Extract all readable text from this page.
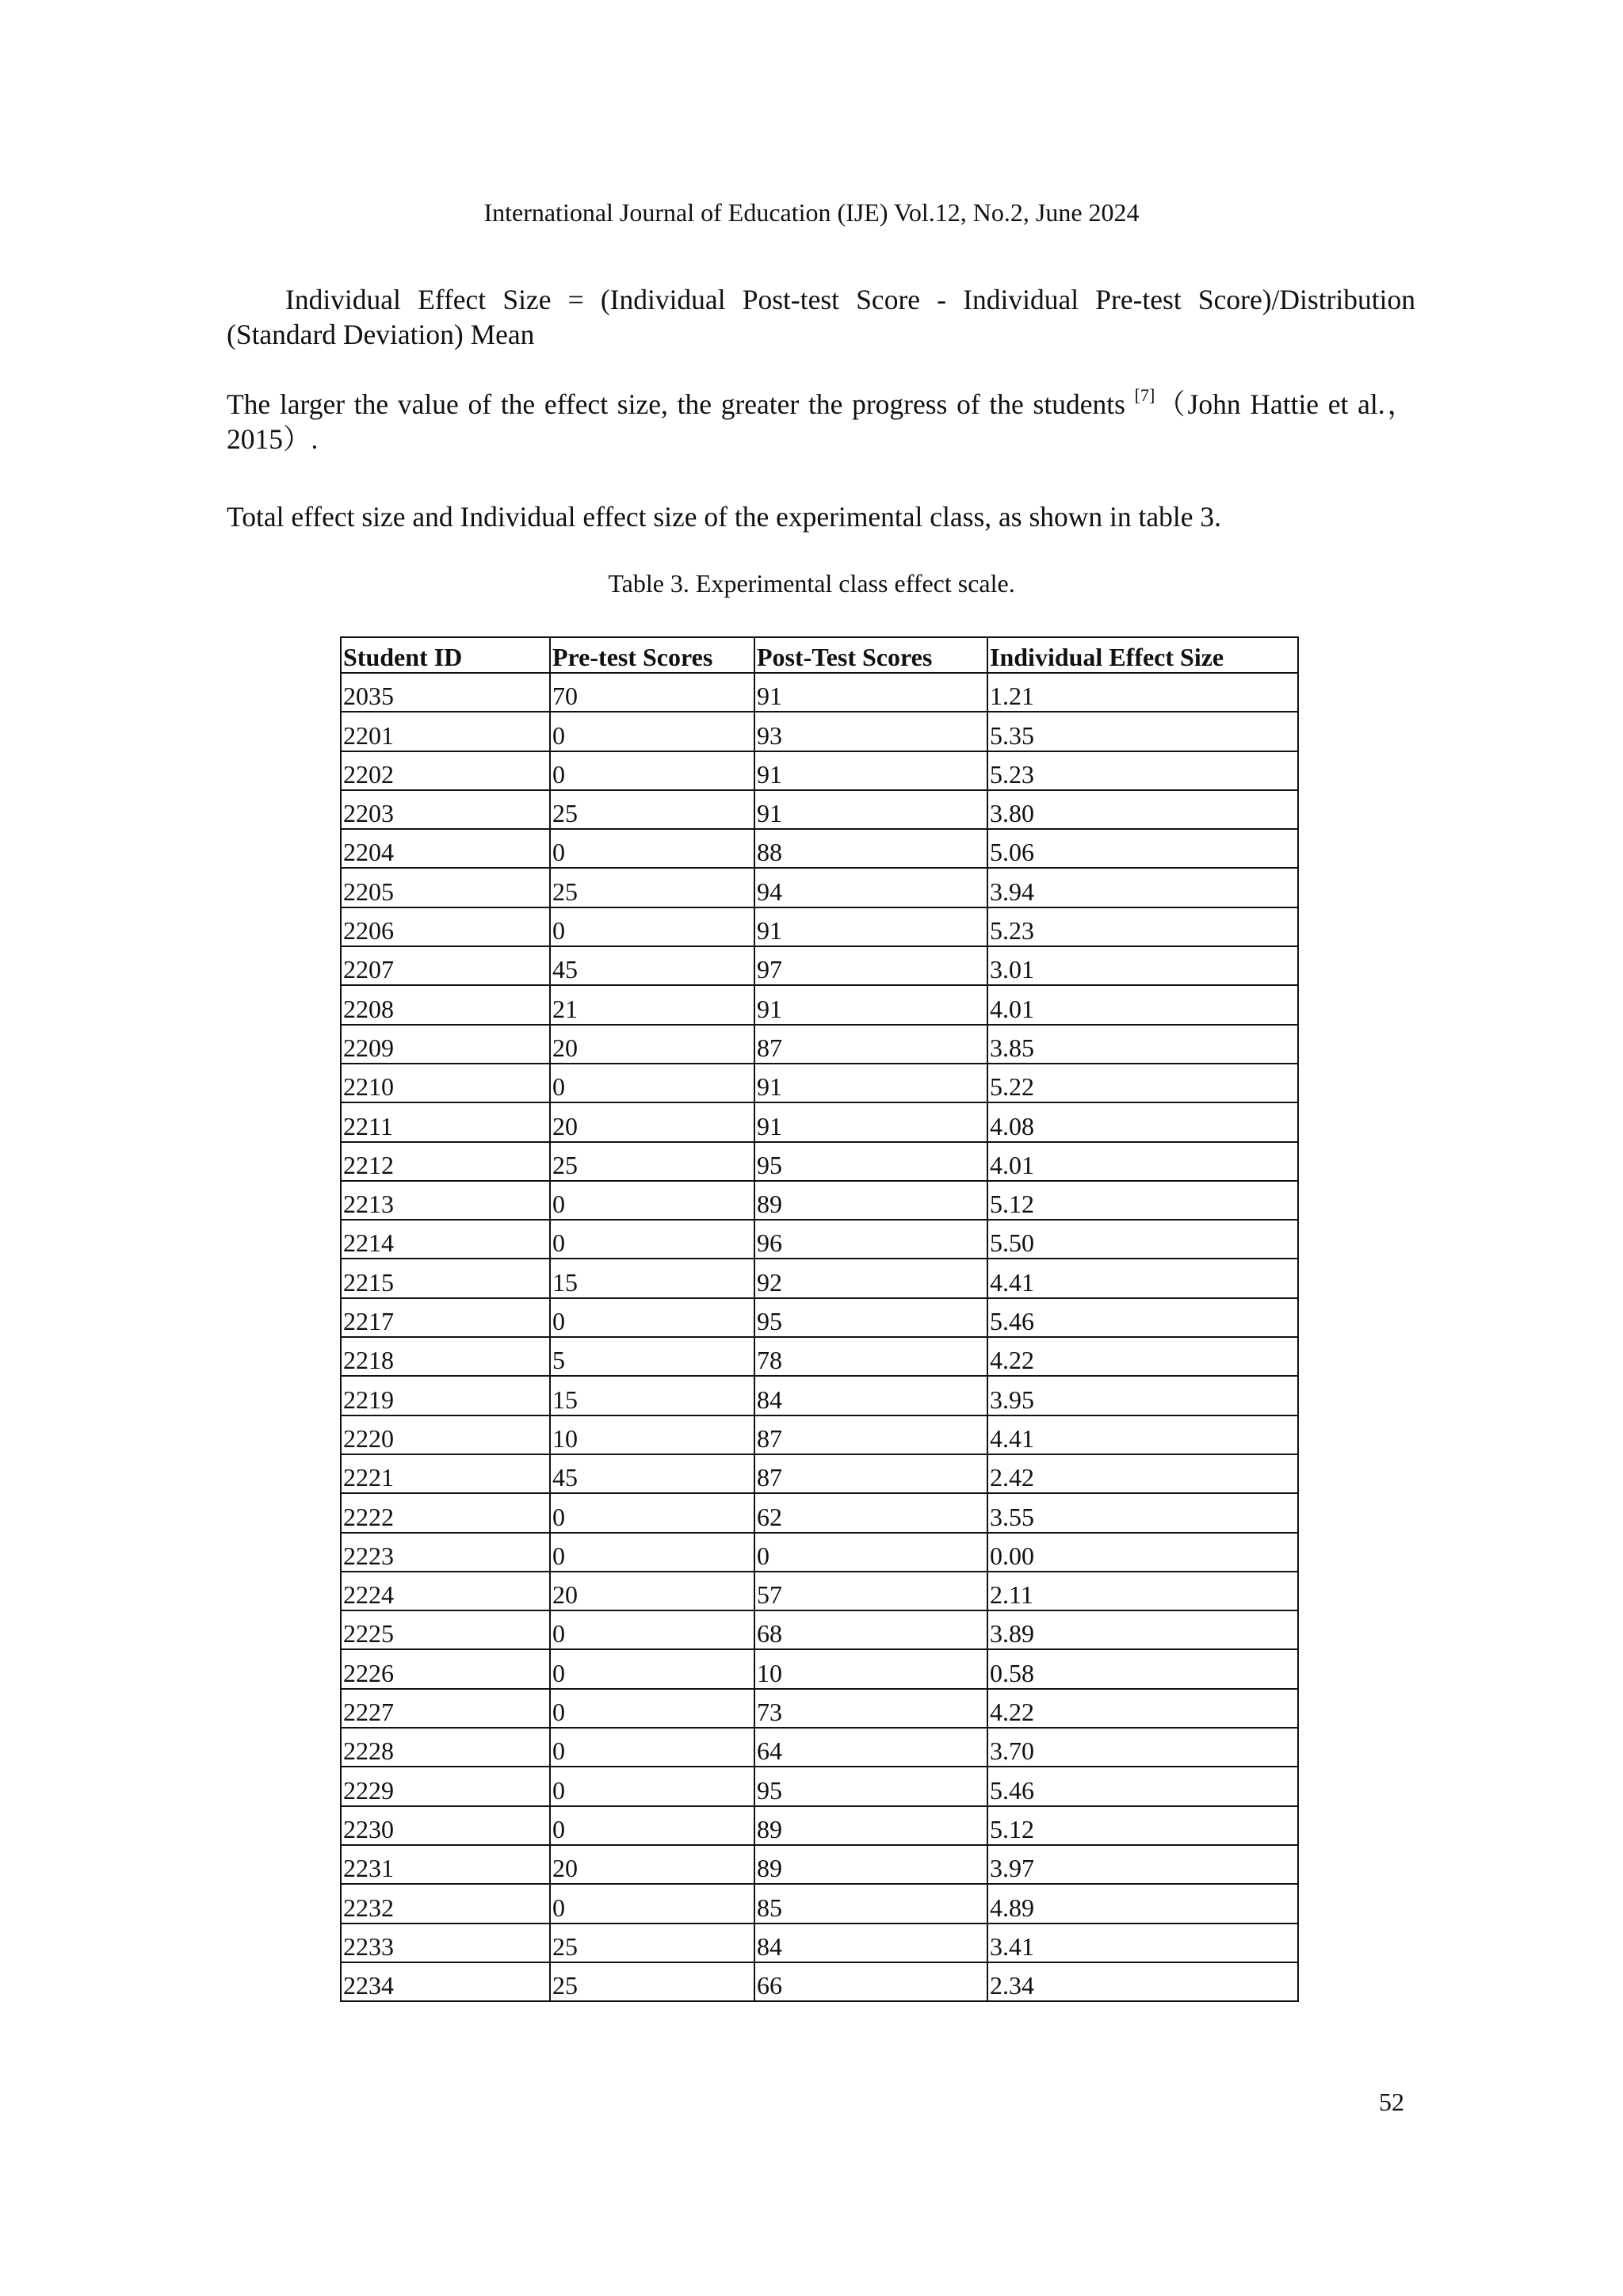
International Journal of Education (IJE) Vol.12, No.2, June 2024

Individual Effect Size = (Individual Post-test Score - Individual Pre-test Score)/Distribution (Standard Deviation) Mean

The larger the value of the effect size, the greater the progress of the students [7]（John Hattie et al.，2015）.

Total effect size and Individual effect size of the experimental class, as shown in table 3.

Table 3. Experimental class effect scale.
Student ID	Pre-test Scores	Post-Test Scores	Individual Effect Size
2035	70	91	1.21
2201	0	93	5.35
2202	0	91	5.23
2203	25	91	3.80
2204	0	88	5.06
2205	25	94	3.94
2206	0	91	5.23
2207	45	97	3.01
2208	21	91	4.01
2209	20	87	3.85
2210	0	91	5.22
2211	20	91	4.08
2212	25	95	4.01
2213	0	89	5.12
2214	0	96	5.50
2215	15	92	4.41
2217	0	95	5.46
2218	5	78	4.22
2219	15	84	3.95
2220	10	87	4.41
2221	45	87	2.42
2222	0	62	3.55
2223	0	0	0.00
2224	20	57	2.11
2225	0	68	3.89
2226	0	10	0.58
2227	0	73	4.22
2228	0	64	3.70
2229	0	95	5.46
2230	0	89	5.12
2231	20	89	3.97
2232	0	85	4.89
2233	25	84	3.41
2234	25	66	2.34
52
